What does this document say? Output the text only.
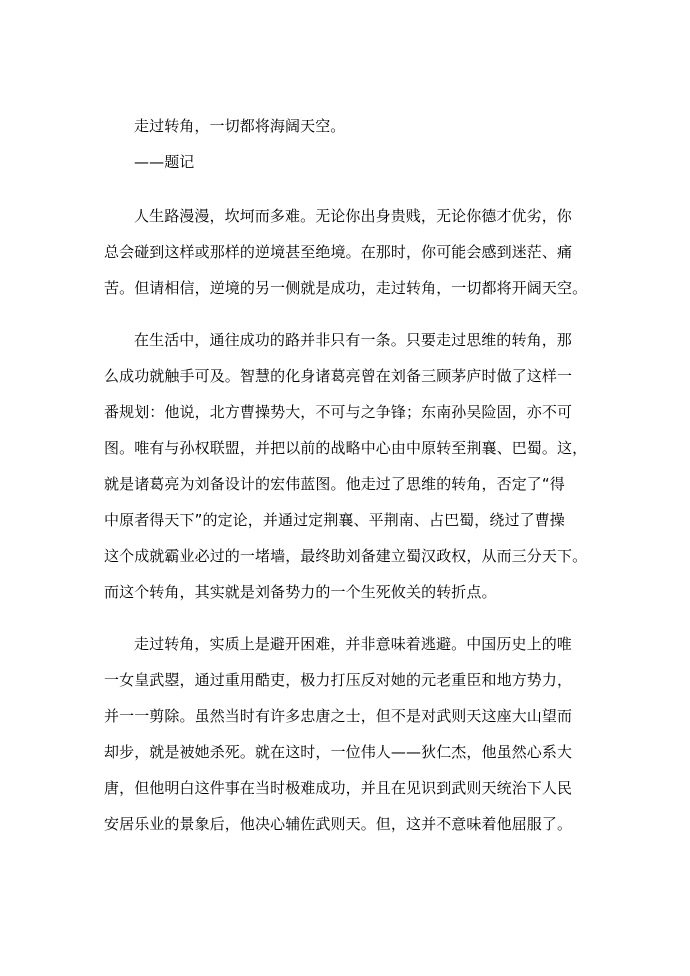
走过转角，一切都将海阔天空。
——题记

人生路漫漫，坎坷而多难。无论你出身贵贱，无论你德才优劣，你
总会碰到这样或那样的逆境甚至绝境。在那时，你可能会感到迷茫、痛
苦。但请相信，逆境的另一侧就是成功，走过转角，一切都将开阔天空。

在生活中，通往成功的路并非只有一条。只要走过思维的转角，那
么成功就触手可及。智慧的化身诸葛亮曾在刘备三顾茅庐时做了这样一
番规划：他说，北方曹操势大，不可与之争锋；东南孙吴险固，亦不可
图。唯有与孙权联盟，并把以前的战略中心由中原转至荆襄、巴蜀。这，
就是诸葛亮为刘备设计的宏伟蓝图。他走过了思维的转角，否定了“得
中原者得天下”的定论，并通过定荆襄、平荆南、占巴蜀，绕过了曹操
这个成就霸业必过的一堵墙，最终助刘备建立蜀汉政权，从而三分天下。
而这个转角，其实就是刘备势力的一个生死攸关的转折点。

走过转角，实质上是避开困难，并非意味着逃避。中国历史上的唯
一女皇武曌，通过重用酷吏，极力打压反对她的元老重臣和地方势力，
并一一剪除。虽然当时有许多忠唐之士，但不是对武则天这座大山望而
却步，就是被她杀死。就在这时，一位伟人——狄仁杰，他虽然心系大
唐，但他明白这件事在当时极难成功，并且在见识到武则天统治下人民
安居乐业的景象后，他决心辅佐武则天。但，这并不意味着他屈服了。
